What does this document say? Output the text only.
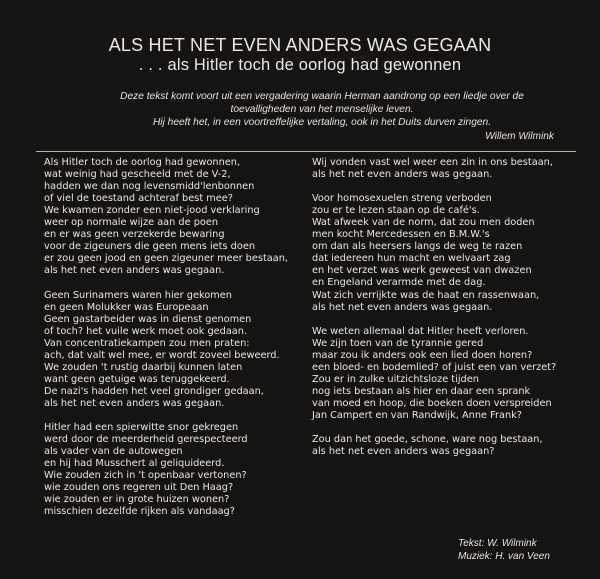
ALS HET NET EVEN ANDERS WAS GEGAAN
. . . als Hitler toch de oorlog had gewonnen
Deze tekst komt voort uit een vergadering waarin Herman aandrong op een liedje over de
toevalligheden van het menselijke leven.
Hij heeft het, in een voortreffelijke vertaling, ook in het Duits durven zingen.
Willem Wilmink
Als Hitler toch de oorlog had gewonnen,
wat weinig had gescheeld met de V-2,
hadden we dan nog levensmidd'lenbonnen
of viel de toestand achteraf best mee?
We kwamen zonder een niet-jood verklaring
weer op normale wijze aan de poen
en er was geen verzekerde bewaring
voor de zigeuners die geen mens iets doen
er zou geen jood en geen zigeuner meer bestaan,
als het net even anders was gegaan.
Geen Surinamers waren hier gekomen
en geen Molukker was Europeaan
Geen gastarbeider was in dienst genomen
of toch? het vuile werk moet ook gedaan.
Van concentratiekampen zou men praten:
ach, dat valt wel mee, er wordt zoveel beweerd.
We zouden 't rustig daarbij kunnen laten
want geen getuige was teruggekeerd.
De nazi's hadden het veel grondiger gedaan,
als het net even anders was gegaan.
Hitler had een spierwitte snor gekregen
werd door de meerderheid gerespecteerd
als vader van de autowegen
en hij had Musschert al geliquideerd.
Wie zouden zich in 't openbaar vertonen?
wie zouden ons regeren uit Den Haag?
wie zouden er in grote huizen wonen?
misschien dezelfde rijken als vandaag?
Wij vonden vast wel weer een zin in ons bestaan,
als het net even anders was gegaan.
Voor homosexuelen streng verboden
zou er te lezen staan op de café's.
Wat afweek van de norm, dat zou men doden
men kocht Mercedessen en B.M.W.'s
om dan als heersers langs de weg te razen
dat iedereen hun macht en welvaart zag
en het verzet was werk geweest van dwazen
en Engeland verarmde met de dag.
Wat zich verrijkte was de haat en rassenwaan,
als het net even anders was gegaan.
We weten allemaal dat Hitler heeft verloren.
We zijn toen van de tyrannie gered
maar zou ik anders ook een lied doen horen?
een bloed- en bodemlied? of juist een van verzet?
Zou er in zulke uitzichtsloze tijden
nog iets bestaan als hier en daar een sprank
van moed en hoop, die boeken doen verspreiden
Jan Campert en van Randwijk, Anne Frank?
Zou dan het goede, schone, ware nog bestaan,
als het net even anders was gegaan?
Tekst: W. Wilmink
Muziek: H. van Veen
